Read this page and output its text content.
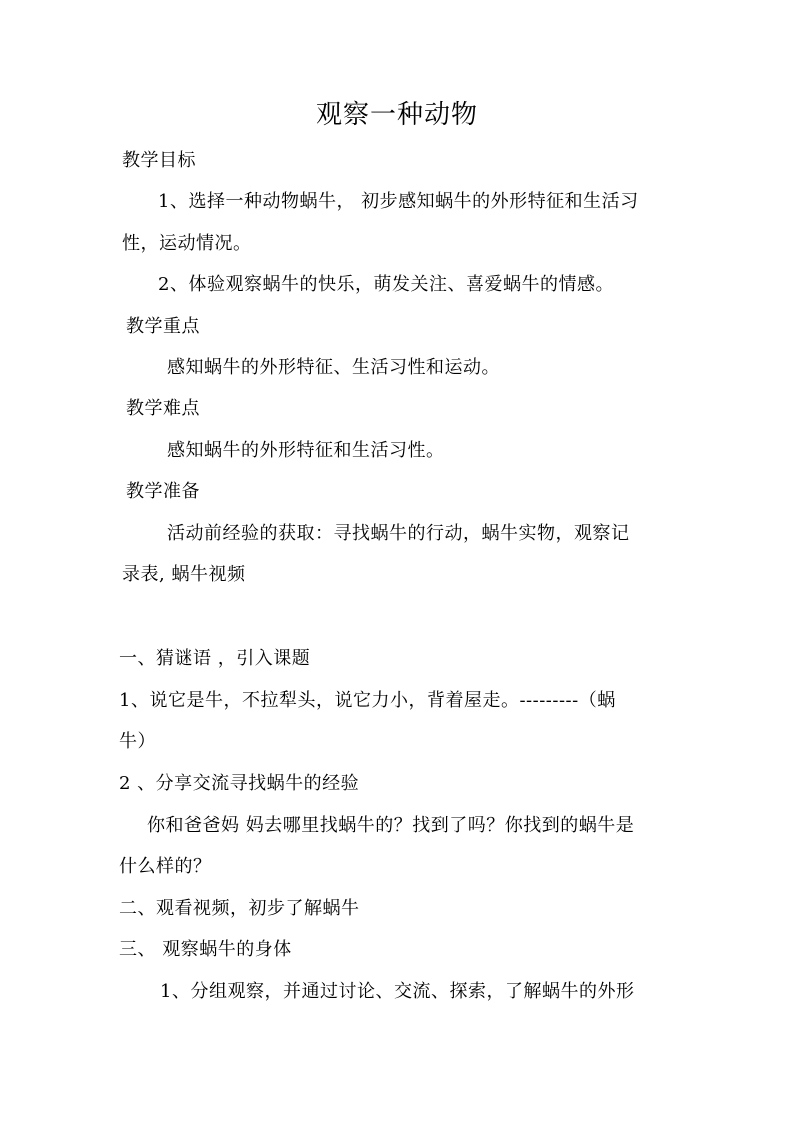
观察一种动物
教学目标
1、选择一种动物蜗牛， 初步感知蜗牛的外形特征和生活习
性，运动情况。
2、体验观察蜗牛的快乐，萌发关注、喜爱蜗牛的情感。
教学重点
感知蜗牛的外形特征、生活习性和运动。
教学难点
感知蜗牛的外形特征和生活习性。
教学准备
活动前经验的获取：寻找蜗牛的行动，蜗牛实物，观察记
录表, 蜗牛视频
一、猜谜语 ，引入课题
1、说它是牛，不拉犁头，说它力小，背着屋走。---------（蜗
牛）
2 、分享交流寻找蜗牛的经验
你和爸爸妈 妈去哪里找蜗牛的？找到了吗？你找到的蜗牛是
什么样的？
二、观看视频，初步了解蜗牛
三、 观察蜗牛的身体
1、分组观察，并通过讨论、交流、探索，了解蜗牛的外形
